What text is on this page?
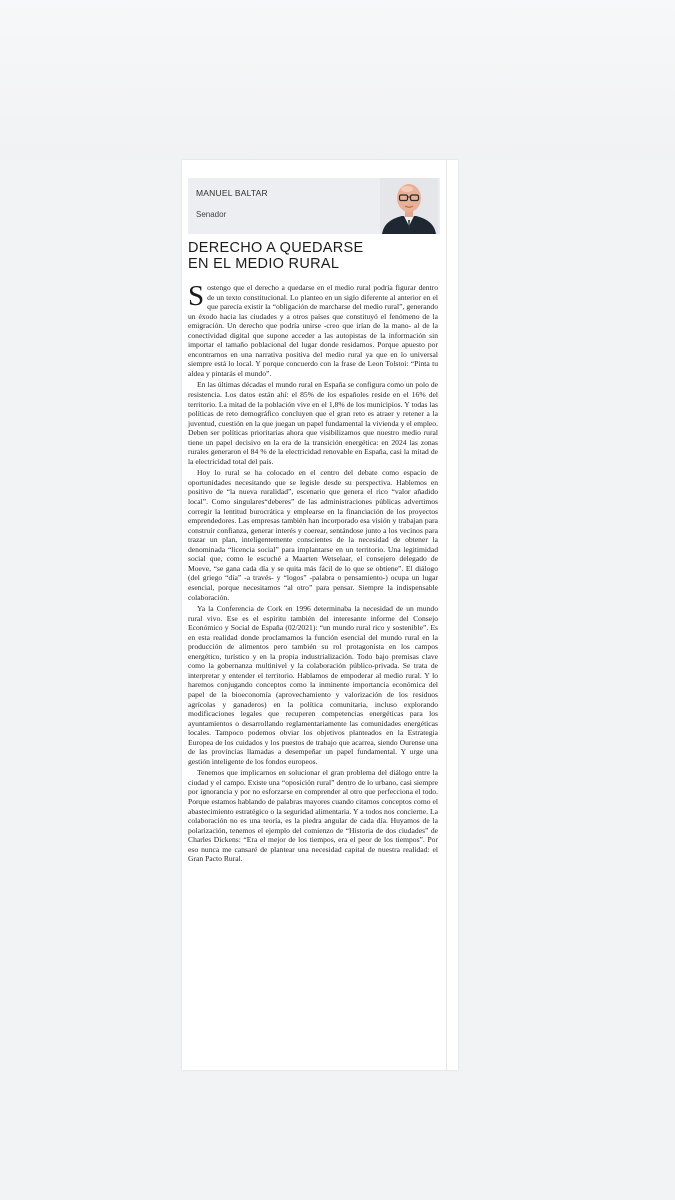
MANUEL BALTAR
Senador
DERECHO A QUEDARSE
EN EL MEDIO RURAL

Sostengo que el derecho a quedarse en el medio rural podría figurar dentro de un texto constitucional. Lo planteo en un siglo diferente al anterior en el que parecía existir la “obligación de marcharse del medio rural”, generando un éxodo hacia las ciudades y a otros países que constituyó el fenómeno de la emigración. Un derecho que podría unirse -creo que irían de la mano- al de la conectividad digital que supone acceder a las autopistas de la información sin importar el tamaño poblacional del lugar donde residamos. Porque apuesto por encontrarnos en una narrativa positiva del medio rural ya que en lo universal siempre está lo local. Y porque concuerdo con la frase de Leon Tolstoi: “Pinta tu aldea y pintarás el mundo”.

En las últimas décadas el mundo rural en España se configura como un polo de resistencia. Los datos están ahí: el 85% de los españoles reside en el 16% del territorio. La mitad de la población vive en el 1,8% de los municipios. Y todas las políticas de reto demográfico concluyen que el gran reto es atraer y retener a la juventud, cuestión en la que juegan un papel fundamental la vivienda y el empleo. Deben ser políticas prioritarias ahora que visibilizamos que nuestro medio rural tiene un papel decisivo en la era de la transición energética: en 2024 las zonas rurales generaron el 84 % de la electricidad renovable en España, casi la mitad de la electricidad total del país.

Hoy lo rural se ha colocado en el centro del debate como espacio de oportunidades necesitando que se legisle desde su perspectiva. Hablemos en positivo de “la nueva ruralidad”, escenario que genera el rico “valor añadido local”. Como singulares“deberes” de las administraciones públicas advertimos corregir la lentitud burocrática y emplearse en la financiación de los proyectos emprendedores. Las empresas también han incorporado esa visión y trabajan para construir confianza, generar interés y coerear, sentándose junto a los vecinos para trazar un plan, inteligentemente conscientes de la necesidad de obtener la denominada “licencia social” para implantarse en un territorio. Una legitimidad social que, como le escuché a Maarten Wetselaar, el consejero delegado de Moeve, “se gana cada día y se quita más fácil de lo que se obtiene”. El diálogo (del griego “día” -a través- y “logos” -palabra o pensamiento-) ocupa un lugar esencial, porque necesitamos “al otro” para pensar. Siempre la indispensable colaboración.

Ya la Conferencia de Cork en 1996 determinaba la necesidad de un mundo rural vivo. Ese es el espíritu también del interesante informe del Consejo Económico y Social de España (02/2021): “un mundo rural rico y sostenible”. Es en esta realidad donde proclamamos la función esencial del mundo rural en la producción de alimentos pero también su rol protagonista en los campos energético, turístico y en la propia industrialización. Todo bajo premisas clave como la gobernanza multinivel y la colaboración público-privada. Se trata de interpretar y entender el territorio. Hablamos de empoderar al medio rural. Y lo haremos conjugando conceptos como la inminente importancia económica del papel de la bioeconomía (aprovechamiento y valorización de los residuos agrícolas y ganaderos) en la política comunitaria, incluso explorando modificaciones legales que recuperen competencias energéticas para los ayuntamientos o desarrollando reglamentariamente las comunidades energéticas locales. Tampoco podemos obviar los objetivos planteados en la Estrategia Europea de los cuidados y los puestos de trabajo que acarrea, siendo Ourense una de las provincias llamadas a desempeñar un papel fundamental. Y urge una gestión inteligente de los fondos europeos.

Tenemos que implicarnos en solucionar el gran problema del diálogo entre la ciudad y el campo. Existe una “oposición rural” dentro de lo urbano, casi siempre por ignorancia y por no esforzarse en comprender al otro que perfecciona el todo. Porque estamos hablando de palabras mayores cuando citamos conceptos como el abastecimiento estratégico o la seguridad alimentaria. Y a todos nos concierne. La colaboración no es una teoría, es la piedra angular de cada día. Huyamos de la polarización, tenemos el ejemplo del comienzo de “Historia de dos ciudades” de Charles Dickens: “Era el mejor de los tiempos, era el peor de los tiempos”. Por eso nunca me cansaré de plantear una necesidad capital de nuestra realidad: el Gran Pacto Rural.
